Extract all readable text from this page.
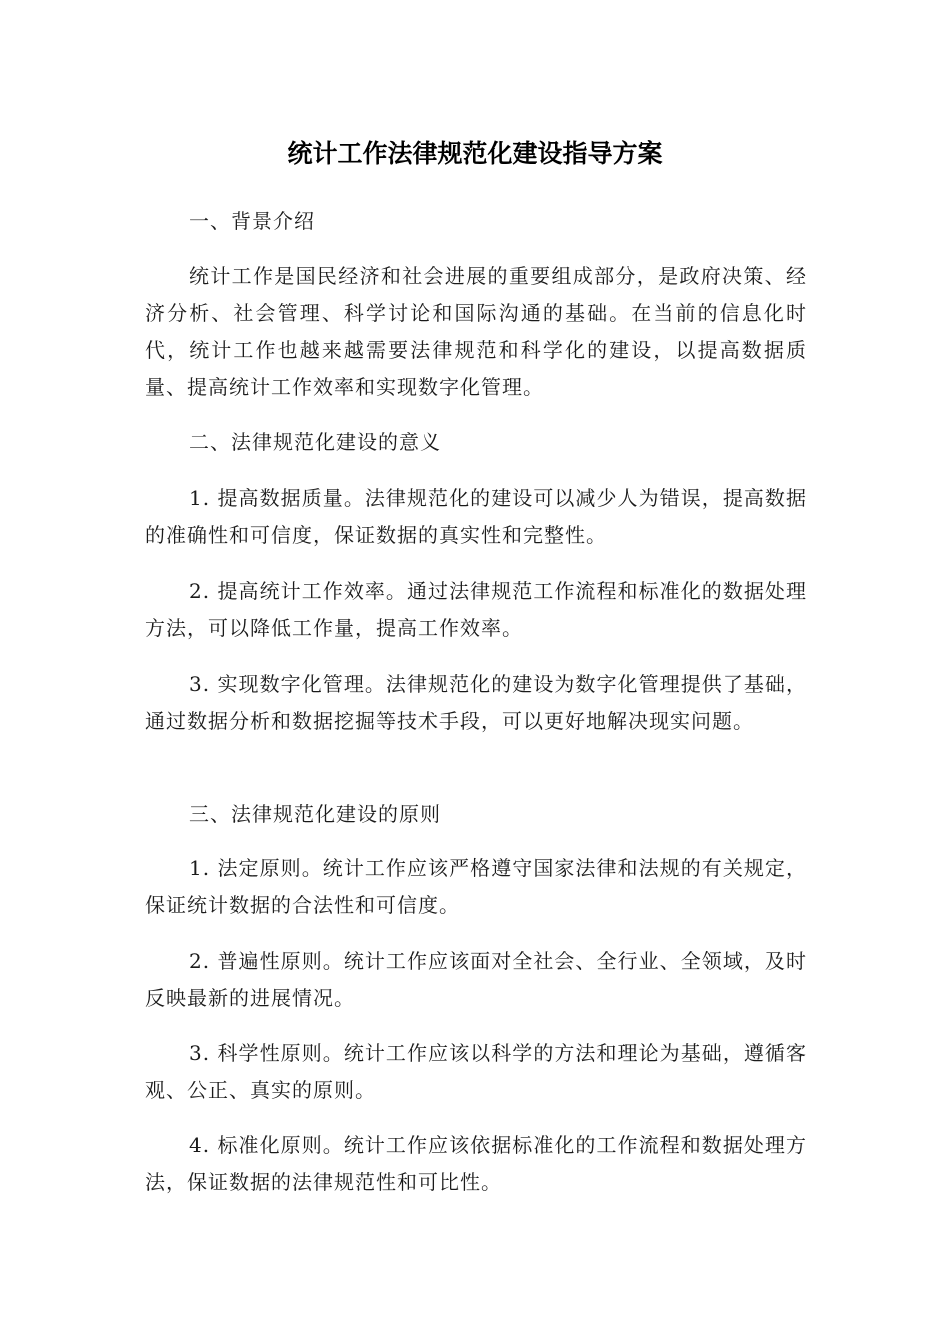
统计工作法律规范化建设指导方案

一、背景介绍

统计工作是国民经济和社会进展的重要组成部分，是政府决策、经济分析、社会管理、科学讨论和国际沟通的基础。在当前的信息化时代，统计工作也越来越需要法律规范和科学化的建设，以提高数据质量、提高统计工作效率和实现数字化管理。

二、法律规范化建设的意义

1. 提高数据质量。法律规范化的建设可以减少人为错误，提高数据的准确性和可信度，保证数据的真实性和完整性。

2. 提高统计工作效率。通过法律规范工作流程和标准化的数据处理方法，可以降低工作量，提高工作效率。

3. 实现数字化管理。法律规范化的建设为数字化管理提供了基础，通过数据分析和数据挖掘等技术手段，可以更好地解决现实问题。

三、法律规范化建设的原则

1. 法定原则。统计工作应该严格遵守国家法律和法规的有关规定，保证统计数据的合法性和可信度。

2. 普遍性原则。统计工作应该面对全社会、全行业、全领域，及时反映最新的进展情况。

3. 科学性原则。统计工作应该以科学的方法和理论为基础，遵循客观、公正、真实的原则。

4. 标准化原则。统计工作应该依据标准化的工作流程和数据处理方法，保证数据的法律规范性和可比性。
